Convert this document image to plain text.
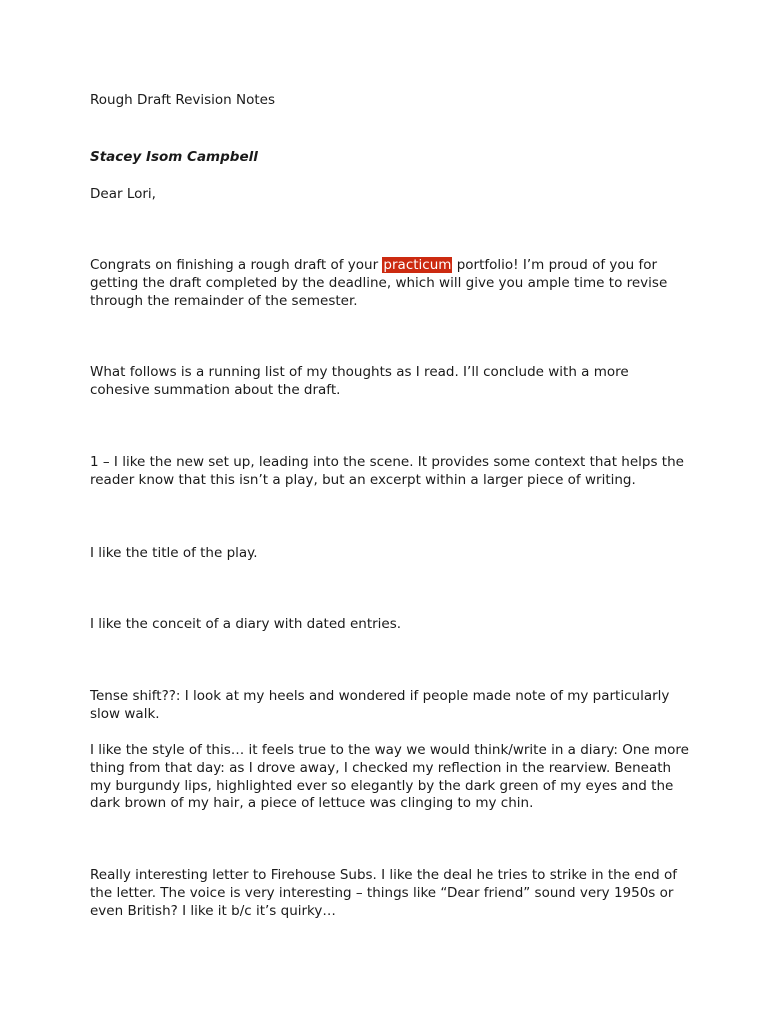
Rough Draft Revision Notes

Stacey Isom Campbell

Dear Lori,

Congrats on finishing a rough draft of your practicum portfolio! I’m proud of you for getting the draft completed by the deadline, which will give you ample time to revise through the remainder of the semester.

What follows is a running list of my thoughts as I read. I’ll conclude with a more cohesive summation about the draft.

1 – I like the new set up, leading into the scene. It provides some context that helps the reader know that this isn’t a play, but an excerpt within a larger piece of writing.

I like the title of the play.

I like the conceit of a diary with dated entries.

Tense shift??: I look at my heels and wondered if people made note of my particularly slow walk.

I like the style of this… it feels true to the way we would think/write in a diary: One more thing from that day: as I drove away, I checked my reflection in the rearview. Beneath my burgundy lips, highlighted ever so elegantly by the dark green of my eyes and the dark brown of my hair, a piece of lettuce was clinging to my chin.

Really interesting letter to Firehouse Subs. I like the deal he tries to strike in the end of the letter. The voice is very interesting – things like “Dear friend” sound very 1950s or even British? I like it b/c it’s quirky…
